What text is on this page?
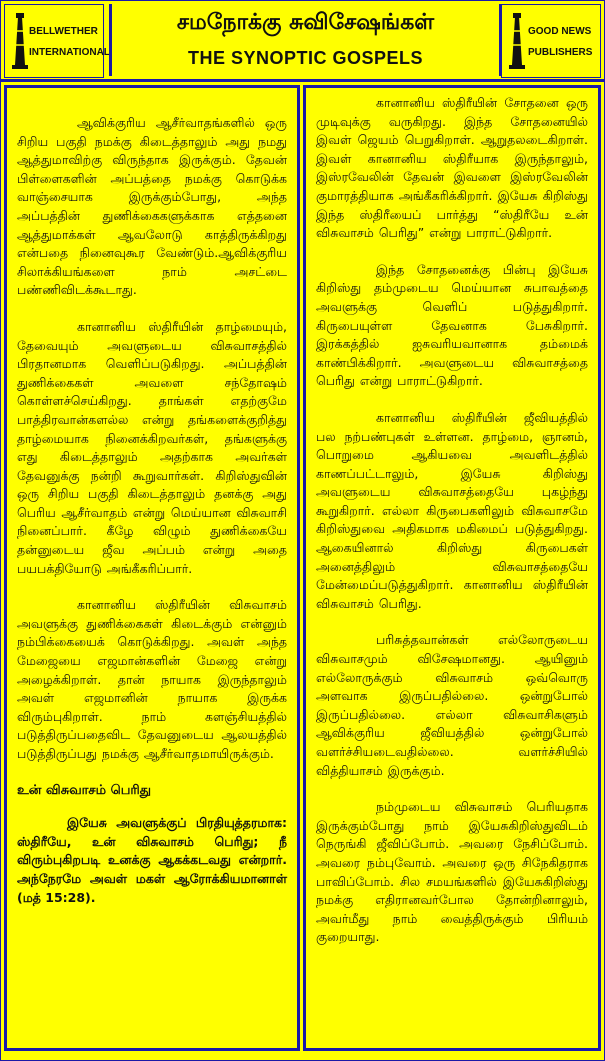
BELLWETHER
INTERNATIONAL
சமநோக்கு சுவிசேஷங்கள்
THE SYNOPTIC GOSPELS
GOOD NEWS
PUBLISHERS

ஆவிக்குரிய ஆசீர்வாதங்களில் ஒரு சிறிய பகுதி நமக்கு கிடைத்தாலும் அது நமது ஆத்துமாவிற்கு விருந்தாக இருக்கும். தேவன் பிள்ளைகளின் அப்பத்தை நமக்கு கொடுக்க வாஞ்சையாக இருக்கும்போது, அந்த அப்பத்தின் துணிக்கைகளுக்காக எத்தனை ஆத்துமாக்கள் ஆவலோடு காத்திருக்கிறது என்பதை நினைவுகூர வேண்டும்.ஆவிக்குரிய சிலாக்கியங்களை நாம் அசட்டை பண்ணிவிடக்கூடாது.

கானானிய ஸ்திரீயின் தாழ்மையும், தேவையும் அவளுடைய விசுவாசத்தில் பிரதானமாக வெளிப்படுகிறது. அப்பத்தின் துணிக்கைகள் அவளை சந்தோஷம் கொள்ளச்செய்கிறது. தாங்கள் எதற்குமே பாத்திரவான்களல்ல என்று தங்களைக்குறித்து தாழ்மையாக நினைக்கிறவர்கள், தங்களுக்கு எது கிடைத்தாலும் அதற்காக அவர்கள் தேவனுக்கு நன்றி கூறுவார்கள். கிறிஸ்துவின் ஒரு சிறிய பகுதி கிடைத்தாலும் தனக்கு அது பெரிய ஆசீர்வாதம் என்று மெய்யான விசுவாசி நினைப்பார். கீழே விழும் துணிக்கையே தன்னுடைய ஜீவ அப்பம் என்று அதை பயபக்தியோடு அங்கீகரிப்பார்.

கானானிய ஸ்திரீயின் விசுவாசம் அவளுக்கு துணிக்கைகள் கிடைக்கும் என்னும் நம்பிக்கையைக் கொடுக்கிறது. அவள் அந்த மேஜையை எஜமான்களின் மேஜை என்று அழைக்கிறாள். தான் நாயாக இருந்தாலும் அவள் எஜமானின் நாயாக இருக்க விரும்புகிறாள். நாம் களஞ்சியத்தில் படுத்திருப்பதைவிட தேவனுடைய ஆலயத்தில் படுத்திருப்பது நமக்கு ஆசீர்வாதமாயிருக்கும்.

உன் விசுவாசம் பெரிது

இயேசு அவளுக்குப் பிரதியுத்தரமாக: ஸ்திரீயே, உன் விசுவாசம் பெரிது; நீ விரும்புகிறபடி உனக்கு ஆகக்கடவது என்றார். அந்நேரமே அவள் மகள் ஆரோக்கியமானாள் (மத் 15:28).

கானானிய ஸ்திரீயின் சோதனை ஒரு முடிவுக்கு வருகிறது. இந்த சோதனையில் இவள் ஜெயம் பெறுகிறாள். ஆறுதலடைகிறாள். இவள் கானானிய ஸ்திரீயாக இருந்தாலும், இஸ்ரவேலின் தேவன் இவளை இஸ்ரவேலின் குமாரத்தியாக அங்கீகரிக்கிறார். இயேசு கிறிஸ்து இந்த ஸ்திரீயைப் பார்த்து “ஸ்திரீயே உன் விசுவாசம் பெரிது” என்று பாராட்டுகிறார்.

இந்த சோதனைக்கு பின்பு இயேசு கிறிஸ்து தம்முடைய மெய்யான சுபாவத்தை அவளுக்கு வெளிப் படுத்துகிறார். கிருபையுள்ள தேவனாக பேசுகிறார். இரக்கத்தில் ஐசுவரியவானாக தம்மைக் காண்பிக்கிறார். அவளுடைய விசுவாசத்தை பெரிது என்று பாராட்டுகிறார்.

கானானிய ஸ்திரீயின் ஜீவியத்தில் பல நற்பண்புகள் உள்ளன. தாழ்மை, ஞானம், பொறுமை ஆகியவை அவளிடத்தில் காணப்பட்டாலும், இயேசு கிறிஸ்து அவளுடைய விசுவாசத்தையே புகழ்ந்து கூறுகிறார். எல்லா கிருபைகளிலும் விசுவாசமே கிறிஸ்துவை அதிகமாக மகிமைப் படுத்துகிறது. ஆகையினால் கிறிஸ்து கிருபைகள் அனைத்திலும் விசுவாசத்தையே மேன்மைப்படுத்துகிறார். கானானிய ஸ்திரீயின் விசுவாசம் பெரிது.

பரிசுத்தவான்கள் எல்லோருடைய விசுவாசமும் விசேஷமானது. ஆயினும் எல்லோருக்கும் விசுவாசம் ஒவ்வொரு அளவாக இருப்பதில்லை. ஒன்றுபோல் இருப்பதில்லை. எல்லா விசுவாசிகளும் ஆவிக்குரிய ஜீவியத்தில் ஒன்றுபோல் வளர்ச்சியடைவதில்லை. வளர்ச்சியில் வித்தியாசம் இருக்கும்.

நம்முடைய விசுவாசம் பெரியதாக இருக்கும்போது நாம் இயேசுகிறிஸ்துவிடம் நெருங்கி ஜீவிப்போம். அவரை நேசிப்போம். அவரை நம்புவோம். அவரை ஒரு சிநேகிதராக பாவிப்போம். சில சமயங்களில் இயேசுகிறிஸ்து நமக்கு எதிரானவர்போல தோன்றினாலும், அவர்மீது நாம் வைத்திருக்கும் பிரியம் குறையாது.
